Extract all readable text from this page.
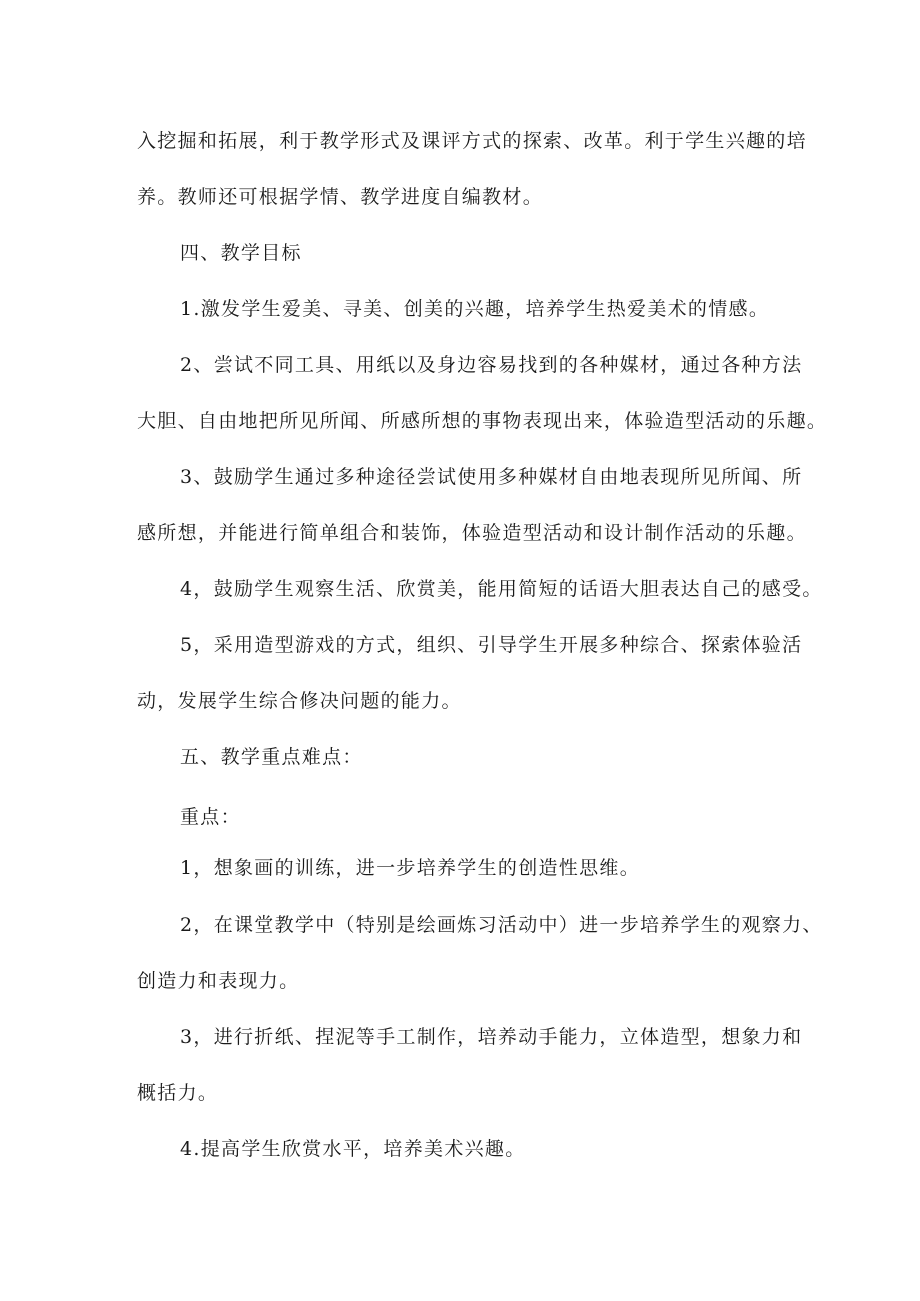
入挖掘和拓展，利于教学形式及课评方式的探索、改革。利于学生兴趣的培
养。教师还可根据学情、教学进度自编教材。
四、教学目标
1.激发学生爱美、寻美、创美的兴趣，培养学生热爱美术的情感。
2、尝试不同工具、用纸以及身边容易找到的各种媒材，通过各种方法
大胆、自由地把所见所闻、所感所想的事物表现出来，体验造型活动的乐趣。
3、鼓励学生通过多种途径尝试使用多种媒材自由地表现所见所闻、所
感所想，并能进行简单组合和装饰，体验造型活动和设计制作活动的乐趣。
4，鼓励学生观察生活、欣赏美，能用简短的话语大胆表达自己的感受。
5，采用造型游戏的方式，组织、引导学生开展多种综合、探索体验活
动，发展学生综合修决问题的能力。
五、教学重点难点：
重点：
1，想象画的训练，进一步培养学生的创造性思维。
2，在课堂教学中（特别是绘画炼习活动中）进一步培养学生的观察力、
创造力和表现力。
3，进行折纸、捏泥等手工制作，培养动手能力，立体造型，想象力和
概括力。
4.提高学生欣赏水平，培养美术兴趣。
